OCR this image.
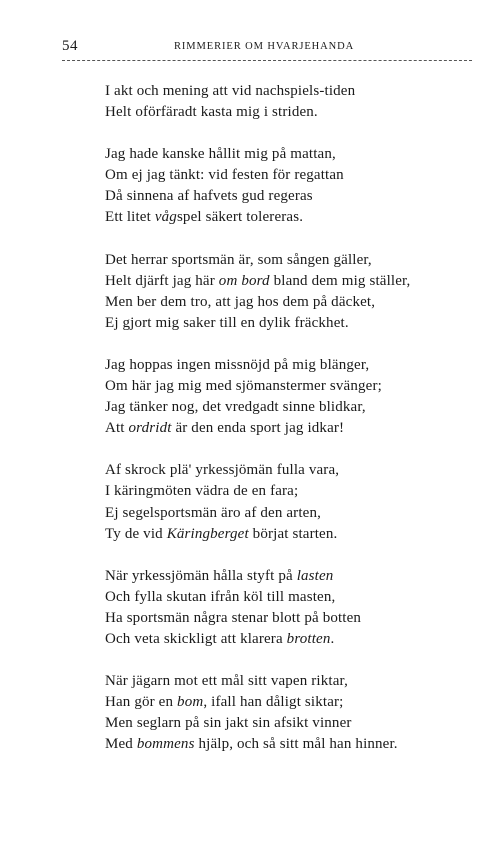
54	RIMMERIER OM HVARJEHANDA
I akt och mening att vid nachspiels-tiden
Helt oförfäradt kasta mig i striden.
Jag hade kanske hållit mig på mattan,
Om ej jag tänkt: vid festen för regattan
Då sinnena af hafvets gud regeras
Ett litet vågspel säkert tolereras.
Det herrar sportsmän är, som sången gäller,
Helt djärft jag här om bord bland dem mig ställer,
Men ber dem tro, att jag hos dem på däcket,
Ej gjort mig saker till en dylik fräckhet.
Jag hoppas ingen missnöjd på mig blänger,
Om här jag mig med sjömanstermer svänger;
Jag tänker nog, det vredgadt sinne blidkar,
Att ordridt är den enda sport jag idkar!
Af skrock plä' yrkessjömän fulla vara,
I käringmöten vädra de en fara;
Ej segelsportsmän äro af den arten,
Ty de vid Käringberget börjat starten.
När yrkessjömän hålla styft på lasten
Och fylla skutan ifrån köl till masten,
Ha sportsmän några stenar blott på botten
Och veta skickligt att klarera brotten.
När jägarn mot ett mål sitt vapen riktar,
Han gör en bom, ifall han dåligt siktar;
Men seglarn på sin jakt sin afsikt vinner
Med bommens hjälp, och så sitt mål han hinner.
